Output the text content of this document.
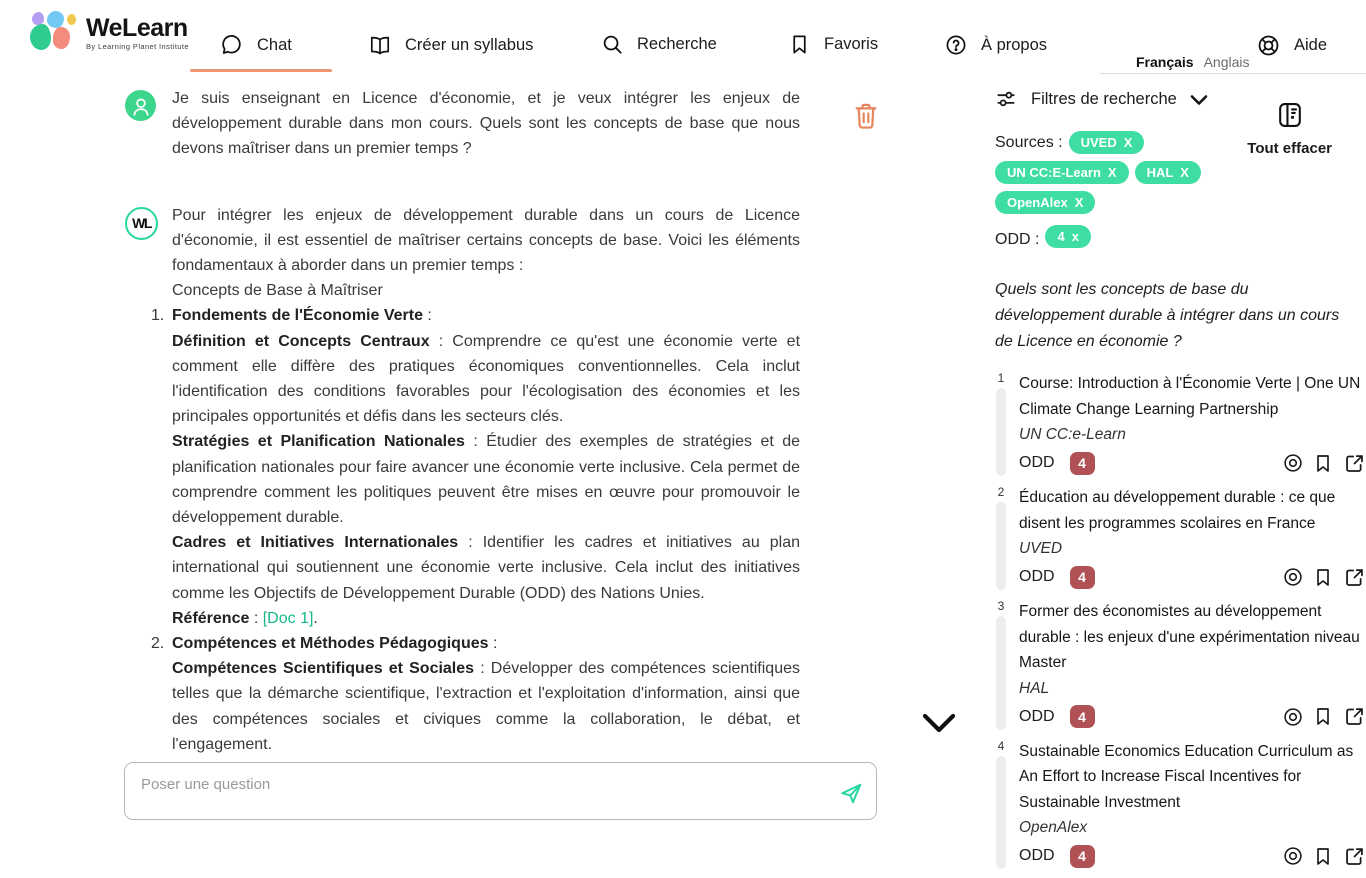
WeLearn
By Learning Planet Institute	Chat	Créer un syllabus	Recherche	Favoris	À propos
Français Anglais
Aide

Je suis enseignant en Licence d'économie, et je veux intégrer les enjeux de développement durable dans mon cours. Quels sont les concepts de base que nous devons maîtriser dans un premier temps ?

WL Pour intégrer les enjeux de développement durable dans un cours de Licence d'économie, il est essentiel de maîtriser certains concepts de base. Voici les éléments fondamentaux à aborder dans un premier temps :

Concepts de Base à Maîtriser

1. Fondements de l'Économie Verte :

Définition et Concepts Centraux : Comprendre ce qu'est une économie verte et comment elle diffère des pratiques économiques conventionnelles. Cela inclut l'identification des conditions favorables pour l'écologisation des économies et les principales opportunités et défis dans les secteurs clés.

Stratégies et Planification Nationales : Étudier des exemples de stratégies et de planification nationales pour faire avancer une économie verte inclusive. Cela permet de comprendre comment les politiques peuvent être mises en œuvre pour promouvoir le développement durable.

Cadres et Initiatives Internationales : Identifier les cadres et initiatives au plan international qui soutiennent une économie verte inclusive. Cela inclut des initiatives comme les Objectifs de Développement Durable (ODD) des Nations Unies.

Référence : [Doc 1].

2. Compétences et Méthodes Pédagogiques :

Compétences Scientifiques et Sociales : Développer des compétences scientifiques telles que la démarche scientifique, l'extraction et l'exploitation d'information, ainsi que des compétences sociales et civiques comme la collaboration, le débat, et l'engagement.

Poser une question
Filtres de recherche
Tout effacer
Sources : UVED X
UN CC:E-Learn X HAL X
OpenAlex X
ODD : 4 x

Quels sont les concepts de base du développement durable à intégrer dans un cours de Licence en économie ?

1 Course: Introduction à l'Économie Verte | One UN Climate Change Learning Partnership
UN CC:e-Learn
ODD	4
2 Éducation au développement durable : ce que disent les programmes scolaires en France
UVED
ODD	4
3 Former des économistes au développement durable : les enjeux d'une expérimentation niveau Master
HAL
ODD	4
4 Sustainable Economics Education Curriculum as An Effort to Increase Fiscal Incentives for Sustainable Investment
OpenAlex
ODD	4
